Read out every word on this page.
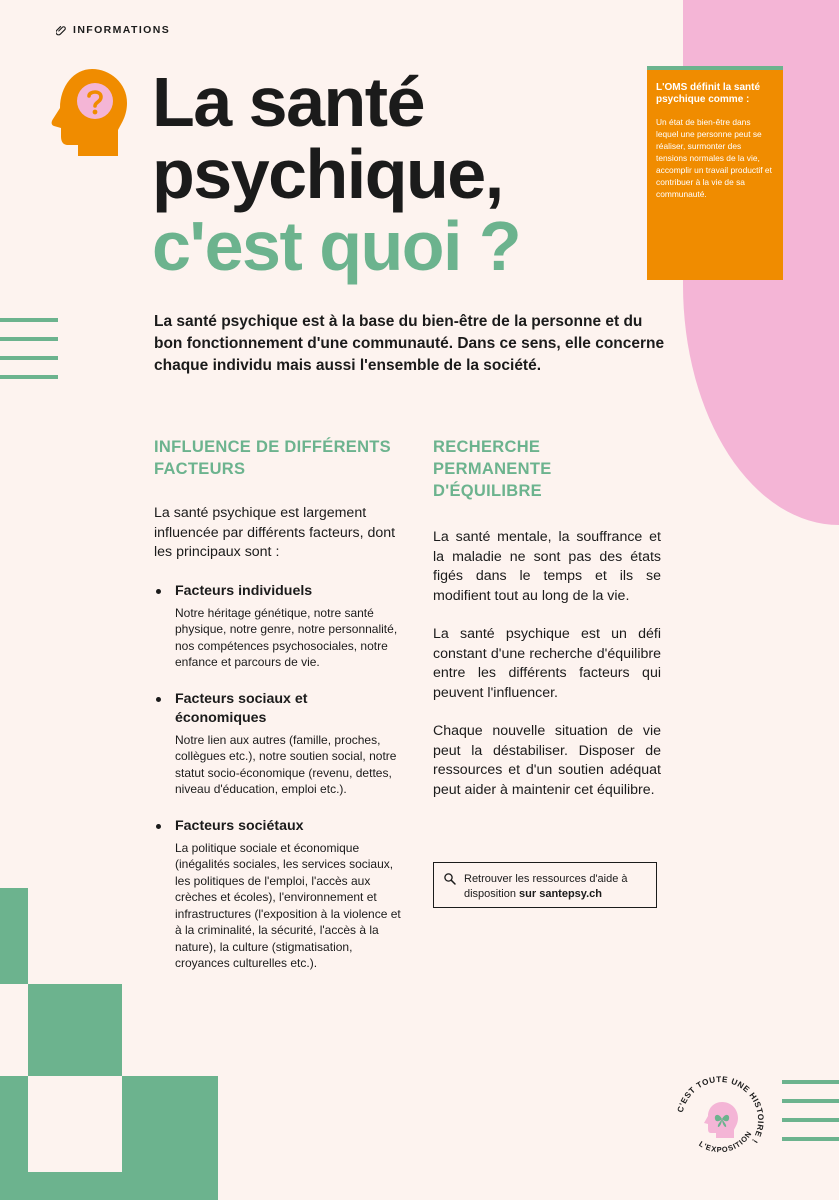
INFORMATIONS
La santé
psychique,
c'est quoi ?
L'OMS définit la santé psychique comme :
Un état de bien-être dans lequel une personne peut se réaliser, surmonter des tensions normales de la vie, accomplir un travail productif et contribuer à la vie de sa communauté.
La santé psychique est à la base du bien-être de la personne et du bon fonctionnement d'une communauté. Dans ce sens, elle concerne chaque individu mais aussi l'ensemble de la société.
INFLUENCE DE DIFFÉRENTS FACTEURS
La santé psychique est largement influencée par différents facteurs, dont les principaux sont :
Facteurs individuels
Notre héritage génétique, notre santé physique, notre genre, notre personnalité, nos compétences psychosociales, notre enfance et parcours de vie.
Facteurs sociaux et économiques
Notre lien aux autres (famille, proches, collègues etc.), notre soutien social, notre statut socio-économique (revenu, dettes, niveau d'éducation, emploi etc.).
Facteurs sociétaux
La politique sociale et économique (inégalités sociales, les services sociaux, les politiques de l'emploi, l'accès aux crèches et écoles), l'environnement et infrastructures (l'exposition à la violence et à la criminalité, la sécurité, l'accès à la nature), la culture (stigmatisation, croyances culturelles etc.).
RECHERCHE PERMANENTE D'ÉQUILIBRE
La santé mentale, la souffrance et la maladie ne sont pas des états figés dans le temps et ils se modifient tout au long de la vie.
La santé psychique est un défi constant d'une recherche d'équilibre entre les différents facteurs qui peuvent l'influencer.
Chaque nouvelle situation de vie peut la déstabiliser. Disposer de ressources et d'un soutien adéquat peut aider à maintenir cet équilibre.
Retrouver les ressources d'aide à disposition sur santepsy.ch
C'EST TOUTE UNE HISTOIRE !
L'EXPOSITION
